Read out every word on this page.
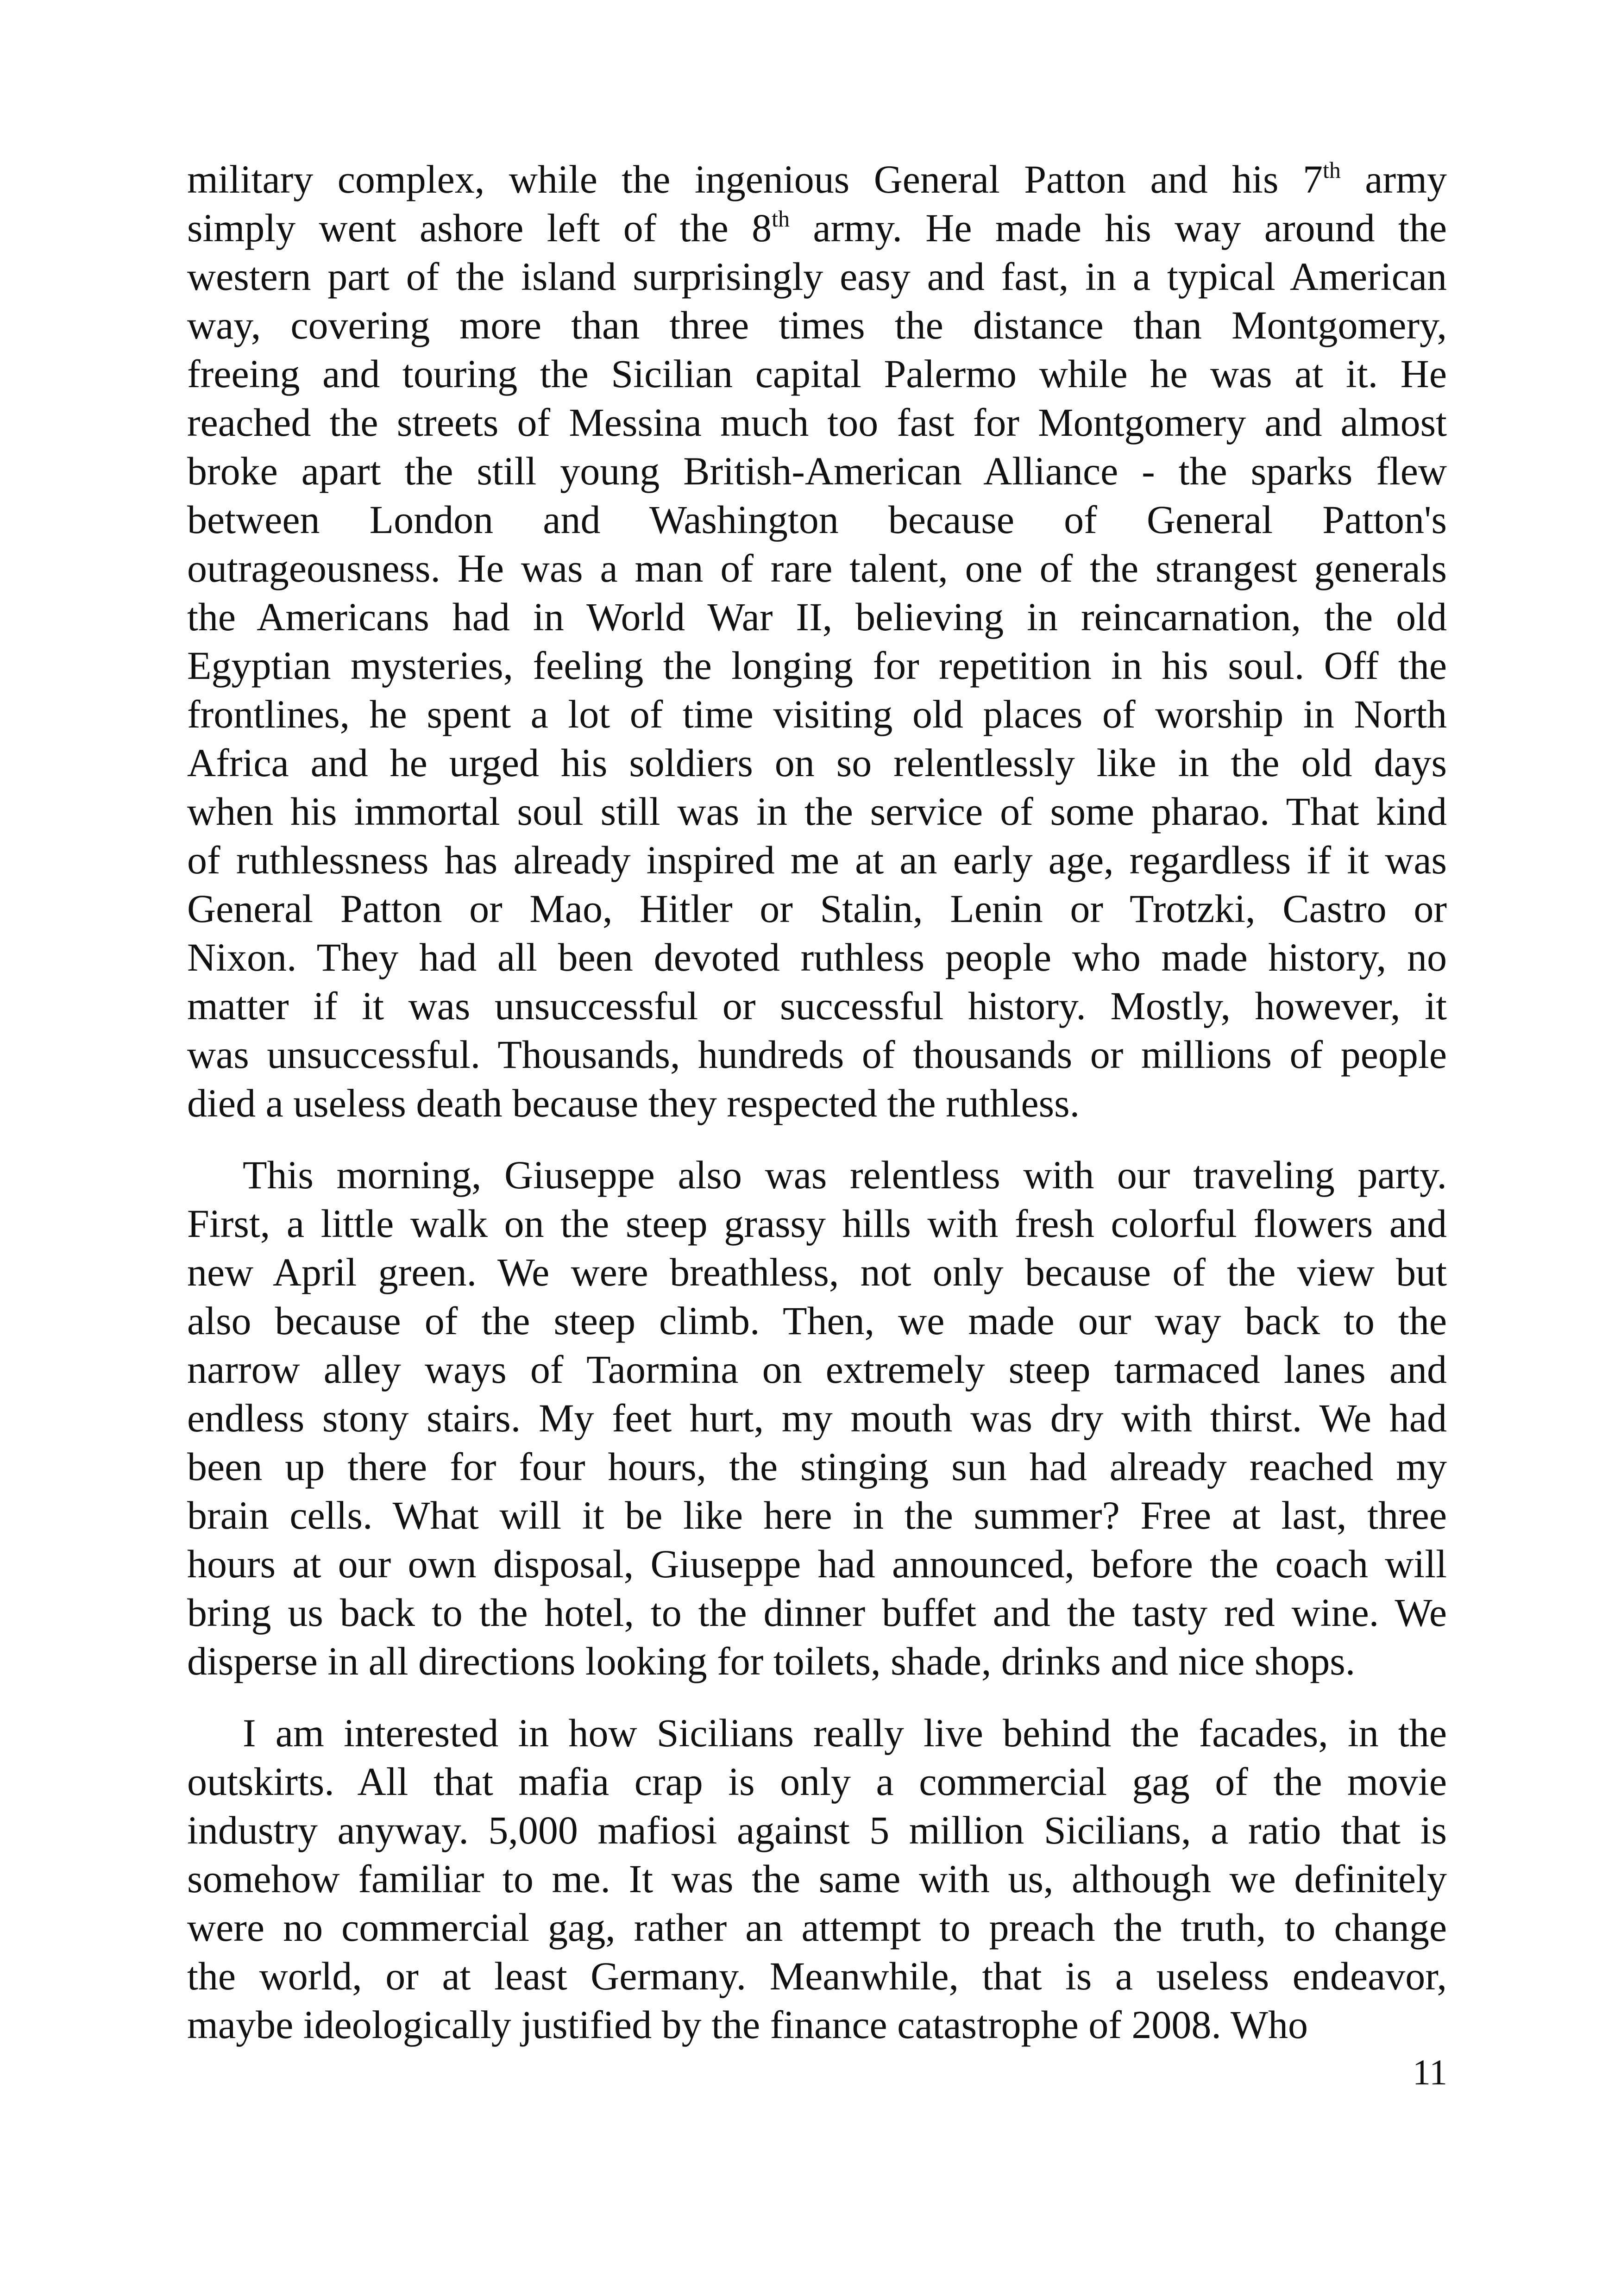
military complex, while the ingenious General Patton and his 7th army
simply went ashore left of the 8th army. He made his way around the
western part of the island surprisingly easy and fast, in a typical American
way, covering more than three times the distance than Montgomery,
freeing and touring the Sicilian capital Palermo while he was at it. He
reached the streets of Messina much too fast for Montgomery and almost
broke apart the still young British-American Alliance - the sparks flew
between London and Washington because of General Patton's
outrageousness. He was a man of rare talent, one of the strangest generals
the Americans had in World War II, believing in reincarnation, the old
Egyptian mysteries, feeling the longing for repetition in his soul. Off the
frontlines, he spent a lot of time visiting old places of worship in North
Africa and he urged his soldiers on so relentlessly like in the old days
when his immortal soul still was in the service of some pharao. That kind
of ruthlessness has already inspired me at an early age, regardless if it was
General Patton or Mao, Hitler or Stalin, Lenin or Trotzki, Castro or
Nixon. They had all been devoted ruthless people who made history, no
matter if it was unsuccessful or successful history. Mostly, however, it
was unsuccessful. Thousands, hundreds of thousands or millions of people
died a useless death because they respected the ruthless.
This morning, Giuseppe also was relentless with our traveling party.
First, a little walk on the steep grassy hills with fresh colorful flowers and
new April green. We were breathless, not only because of the view but
also because of the steep climb. Then, we made our way back to the
narrow alley ways of Taormina on extremely steep tarmaced lanes and
endless stony stairs. My feet hurt, my mouth was dry with thirst. We had
been up there for four hours, the stinging sun had already reached my
brain cells. What will it be like here in the summer? Free at last, three
hours at our own disposal, Giuseppe had announced, before the coach will
bring us back to the hotel, to the dinner buffet and the tasty red wine. We
disperse in all directions looking for toilets, shade, drinks and nice shops.
I am interested in how Sicilians really live behind the facades, in the
outskirts. All that mafia crap is only a commercial gag of the movie
industry anyway. 5,000 mafiosi against 5 million Sicilians, a ratio that is
somehow familiar to me. It was the same with us, although we definitely
were no commercial gag, rather an attempt to preach the truth, to change
the world, or at least Germany. Meanwhile, that is a useless endeavor,
maybe ideologically justified by the finance catastrophe of 2008. Who
11
